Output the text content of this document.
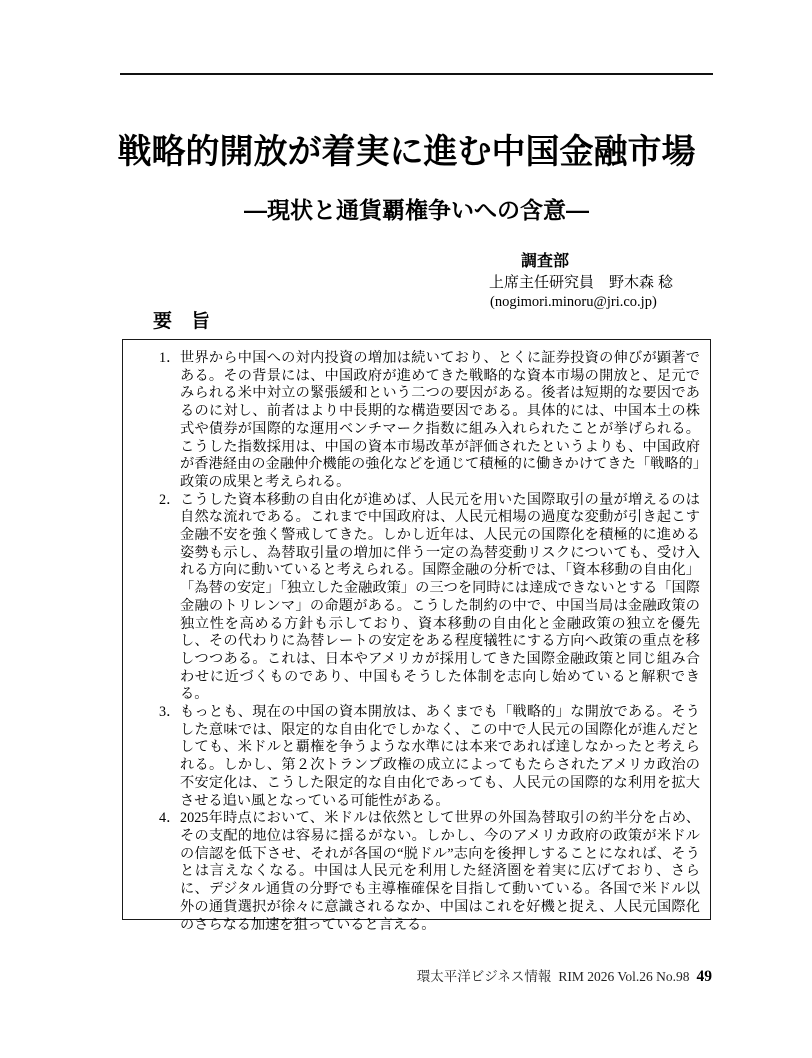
戦略的開放が着実に進む中国金融市場
―現状と通貨覇権争いへの含意―
調査部
上席主任研究員　野木森 稔
(nogimori.minoru@jri.co.jp)
要　旨
1． 世界から中国への対内投資の増加は続いており、とくに証券投資の伸びが顕著である。その背景には、中国政府が進めてきた戦略的な資本市場の開放と、足元でみられる米中対立の緊張緩和という二つの要因がある。後者は短期的な要因であるのに対し、前者はより中長期的な構造要因である。具体的には、中国本土の株式や債券が国際的な運用ベンチマーク指数に組み入れられたことが挙げられる。こうした指数採用は、中国の資本市場改革が評価されたというよりも、中国政府が香港経由の金融仲介機能の強化などを通じて積極的に働きかけてきた「戦略的」政策の成果と考えられる。
2． こうした資本移動の自由化が進めば、人民元を用いた国際取引の量が増えるのは自然な流れである。これまで中国政府は、人民元相場の過度な変動が引き起こす金融不安を強く警戒してきた。しかし近年は、人民元の国際化を積極的に進める姿勢も示し、為替取引量の増加に伴う一定の為替変動リスクについても、受け入れる方向に動いていると考えられる。国際金融の分析では、「資本移動の自由化」「為替の安定」「独立した金融政策」の三つを同時には達成できないとする「国際金融のトリレンマ」の命題がある。こうした制約の中で、中国当局は金融政策の独立性を高める方針も示しており、資本移動の自由化と金融政策の独立を優先し、その代わりに為替レートの安定をある程度犠牲にする方向へ政策の重点を移しつつある。これは、日本やアメリカが採用してきた国際金融政策と同じ組み合わせに近づくものであり、中国もそうした体制を志向し始めていると解釈できる。
3． もっとも、現在の中国の資本開放は、あくまでも「戦略的」な開放である。そうした意味では、限定的な自由化でしかなく、この中で人民元の国際化が進んだとしても、米ドルと覇権を争うような水準には本来であれば達しなかったと考えられる。しかし、第２次トランプ政権の成立によってもたらされたアメリカ政治の不安定化は、こうした限定的な自由化であっても、人民元の国際的な利用を拡大させる追い風となっている可能性がある。
4． 2025年時点において、米ドルは依然として世界の外国為替取引の約半分を占め、その支配的地位は容易に揺るがない。しかし、今のアメリカ政府の政策が米ドルの信認を低下させ、それが各国の“脱ドル”志向を後押しすることになれば、そうとは言えなくなる。中国は人民元を利用した経済圏を着実に広げており、さらに、デジタル通貨の分野でも主導権確保を目指して動いている。各国で米ドル以外の通貨選択が徐々に意識されるなか、中国はこれを好機と捉え、人民元国際化のさらなる加速を狙っていると言える。
環太平洋ビジネス情報 RIM 2026 Vol.26 No.98 49
